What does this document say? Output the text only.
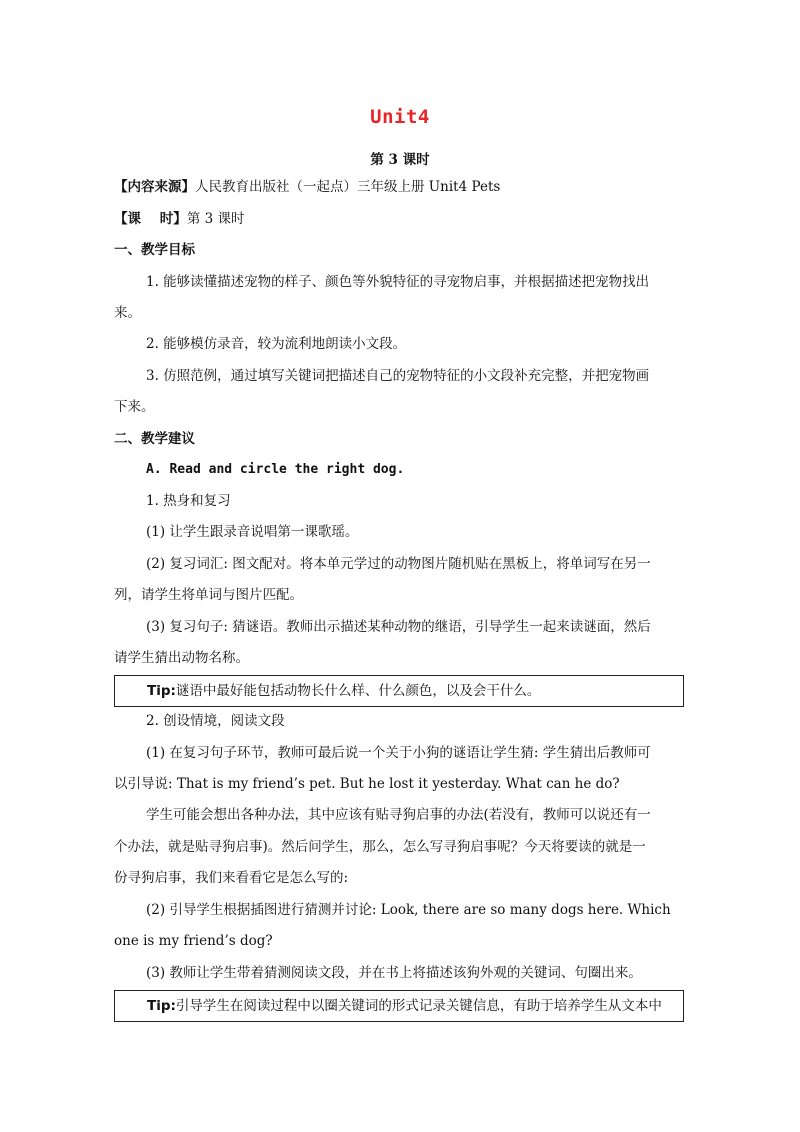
Unit4
第 3 课时
【内容来源】人民教育出版社（一起点）三年级上册 Unit4 Pets
【课    时】第 3 课时
一、教学目标
1. 能够读懂描述宠物的样子、颜色等外貌特征的寻宠物启事，并根据描述把宠物找出
来。
2. 能够模仿录音，较为流利地朗读小文段。
3. 仿照范例，通过填写关键词把描述自己的宠物特征的小文段补充完整，并把宠物画
下来。
二、教学建议
A. Read and circle the right dog.
1. 热身和复习
(1) 让学生跟录音说唱第一课歌瑶。
(2) 复习词汇: 图文配对。将本单元学过的动物图片随机贴在黑板上，将单词写在另一
列，请学生将单词与图片匹配。
(3) 复习句子: 猜谜语。教师出示描述某种动物的继语，引导学生一起来读谜面，然后
请学生猜出动物名称。
Tip:谜语中最好能包括动物长什么样、什么颜色，以及会干什么。
2. 创设情境，阅读文段
(1) 在复习句子环节，教师可最后说一个关于小狗的谜语让学生猜: 学生猜出后教师可
以引导说: That is my friend’s pet. But he lost it yesterday. What can he do?
学生可能会想出各种办法，其中应该有贴寻狗启事的办法(若没有，教师可以说还有一
个办法，就是贴寻狗启事)。然后问学生，那么，怎么写寻狗启事呢？今天将要读的就是一
份寻狗启事，我们来看看它是怎么写的:
(2) 引导学生根据插图进行猜测并讨论: Look, there are so many dogs here. Which
one is my friend’s dog?
(3) 教师让学生带着猜测阅读文段，并在书上将描述该狗外观的关键词、句圈出来。
Tip:引导学生在阅读过程中以圈关键词的形式记录关键信息，有助于培养学生从文本中
